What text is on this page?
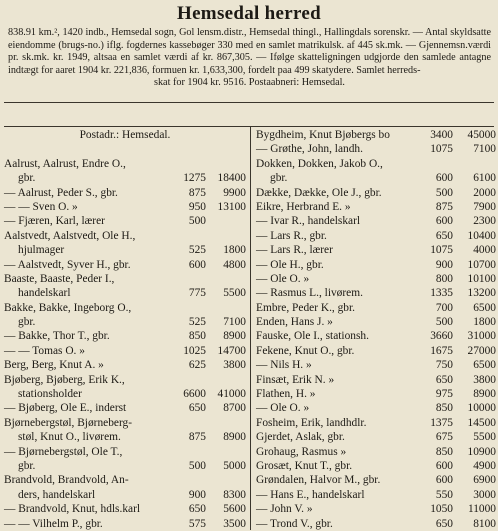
Hemsedal herred
838.91 km.², 1420 indb., Hemsedal sogn, Gol lensm.distr., Hemsedal thingl., Hallingdals sorenskr. — Antal skyldsatte eiendomme (brugs-no.) iflg. fogdernes kassebøger 330 med en samlet matrikulsk. af 445 sk.mk. — Gjennemsn.værdi pr. sk.mk. kr. 1949, altsaa en samlet værdi af kr. 867,305. — Ifølge skatteligningen udgjorde den samlede antagne indtægt for aaret 1904 kr. 221,836, formuen kr. 1,633,300, fordelt paa 499 skatydere. Samlet herreds-
skat for 1904 kr. 9516. Postaabneri: Hemsedal.
Postadr.: Hemsedal.
Aalrust, Aalrust, Endre O.,
gbr.	1275 18400
— Aalrust, Peder S., gbr.	875 9900
— — Sven O. »	950 13100
— Fjæren, Karl, lærer	500
Aalstvedt, Aalstvedt, Ole H.,
hjulmager	525 1800
— Aalstvedt, Syver H., gbr.	600 4800
Baaste, Baaste, Peder I.,
handelskarl	775 5500
Bakke, Bakke, Ingeborg O.,
gbr.	525 7100
— Bakke, Thor T., gbr.	850 8900
— — Tomas O. »	1025 14700
Berg, Berg, Knut A. »	625 3800
Bjøberg, Bjøberg, Erik K.,
stationsholder	6600 41000
— Bjøberg, Ole E., inderst	650 8700
Bjørnebergstøl, Bjørneberg-
støl, Knut O., livørem.	875 8900
— Bjørnebergstøl, Ole T.,
gbr.	500 5000
Brandvold, Brandvold, An-
ders, handelskarl	900 8300
— Brandvold, Knut, hdls.karl	650 5600
— — Vilhelm P., gbr.	575 3500
Bygdheim, Knut Bjøbergs bo	3400 45000
— Grøthe, John, landh.	1075 7100
Dokken, Dokken, Jakob O.,
gbr.	600 6100
Dække, Dække, Ole J., gbr.	500 2000
Eikre, Herbrand E. »	875 7900
— Ivar R., handelskarl	600 2300
— Lars R., gbr.	650 10400
— Lars R., lærer	1075 4000
— Ole H., gbr.	900 10700
— Ole O. »	800 10100
— Rasmus L., livørem.	1335 13200
Embre, Peder K., gbr.	700 6500
Enden, Hans J. »	500 1800
Fauske, Ole I., stationsh.	3660 31000
Fekene, Knut O., gbr.	1675 27000
— Nils H. »	750 6500
Finsæt, Erik N. »	650 3800
Flathen, H. »	975 8900
— Ole O. »	850 10000
Fosheim, Erik, landhdlr.	1375 14500
Gjerdet, Aslak, gbr.	675 5500
Grohaug, Rasmus »	850 10900
Grosæt, Knut T., gbr.	600 4900
Grøndalen, Halvor M., gbr.	600 6900
— Hans E., handelskarl	550 3000
— John V. »	1050 11000
— Trond V., gbr.	650 8100
